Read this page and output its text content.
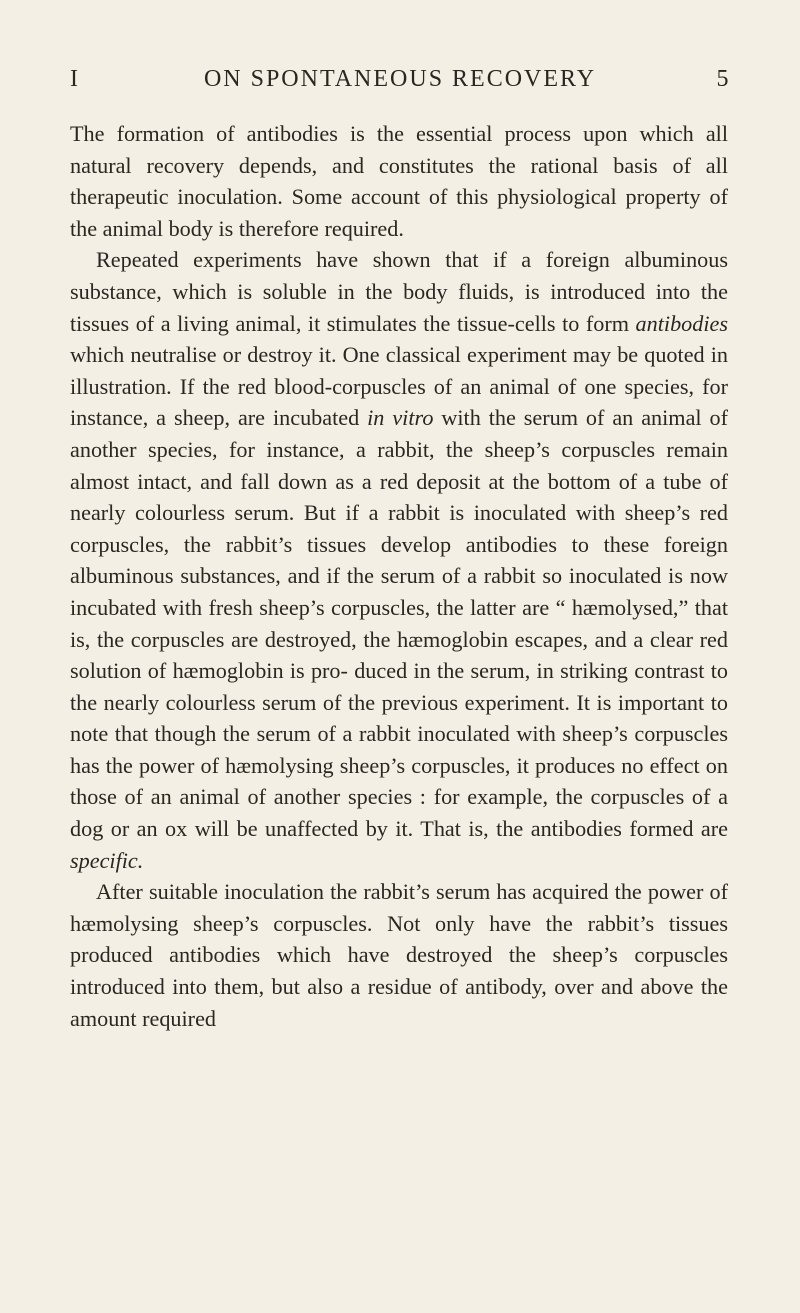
I	ON SPONTANEOUS RECOVERY	5

The formation of antibodies is the essential process upon which all natural recovery depends, and constitutes the rational basis of all therapeutic inoculation. Some account of this physiological property of the animal body is therefore required.

Repeated experiments have shown that if a foreign albuminous substance, which is soluble in the body fluids, is introduced into the tissues of a living animal, it stimulates the tissue-cells to form antibodies which neutralise or destroy it. One classical experiment may be quoted in illustration. If the red blood-corpuscles of an animal of one species, for instance, a sheep, are incubated in vitro with the serum of an animal of another species, for instance, a rabbit, the sheep’s corpuscles remain almost intact, and fall down as a red deposit at the bottom of a tube of nearly colourless serum. But if a rabbit is inoculated with sheep’s red corpuscles, the rabbit’s tissues develop antibodies to these foreign albuminous substances, and if the serum of a rabbit so inoculated is now incubated with fresh sheep’s corpuscles, the latter are “ hæmolysed,” that is, the corpuscles are destroyed, the hæmoglobin escapes, and a clear red solution of hæmoglobin is pro- duced in the serum, in striking contrast to the nearly colourless serum of the previous experiment. It is important to note that though the serum of a rabbit inoculated with sheep’s corpuscles has the power of hæmolysing sheep’s corpuscles, it produces no effect on those of an animal of another species : for example, the corpuscles of a dog or an ox will be unaffected by it. That is, the antibodies formed are specific.

After suitable inoculation the rabbit’s serum has acquired the power of hæmolysing sheep’s corpuscles. Not only have the rabbit’s tissues produced antibodies which have destroyed the sheep’s corpuscles introduced into them, but also a residue of antibody, over and above the amount required
